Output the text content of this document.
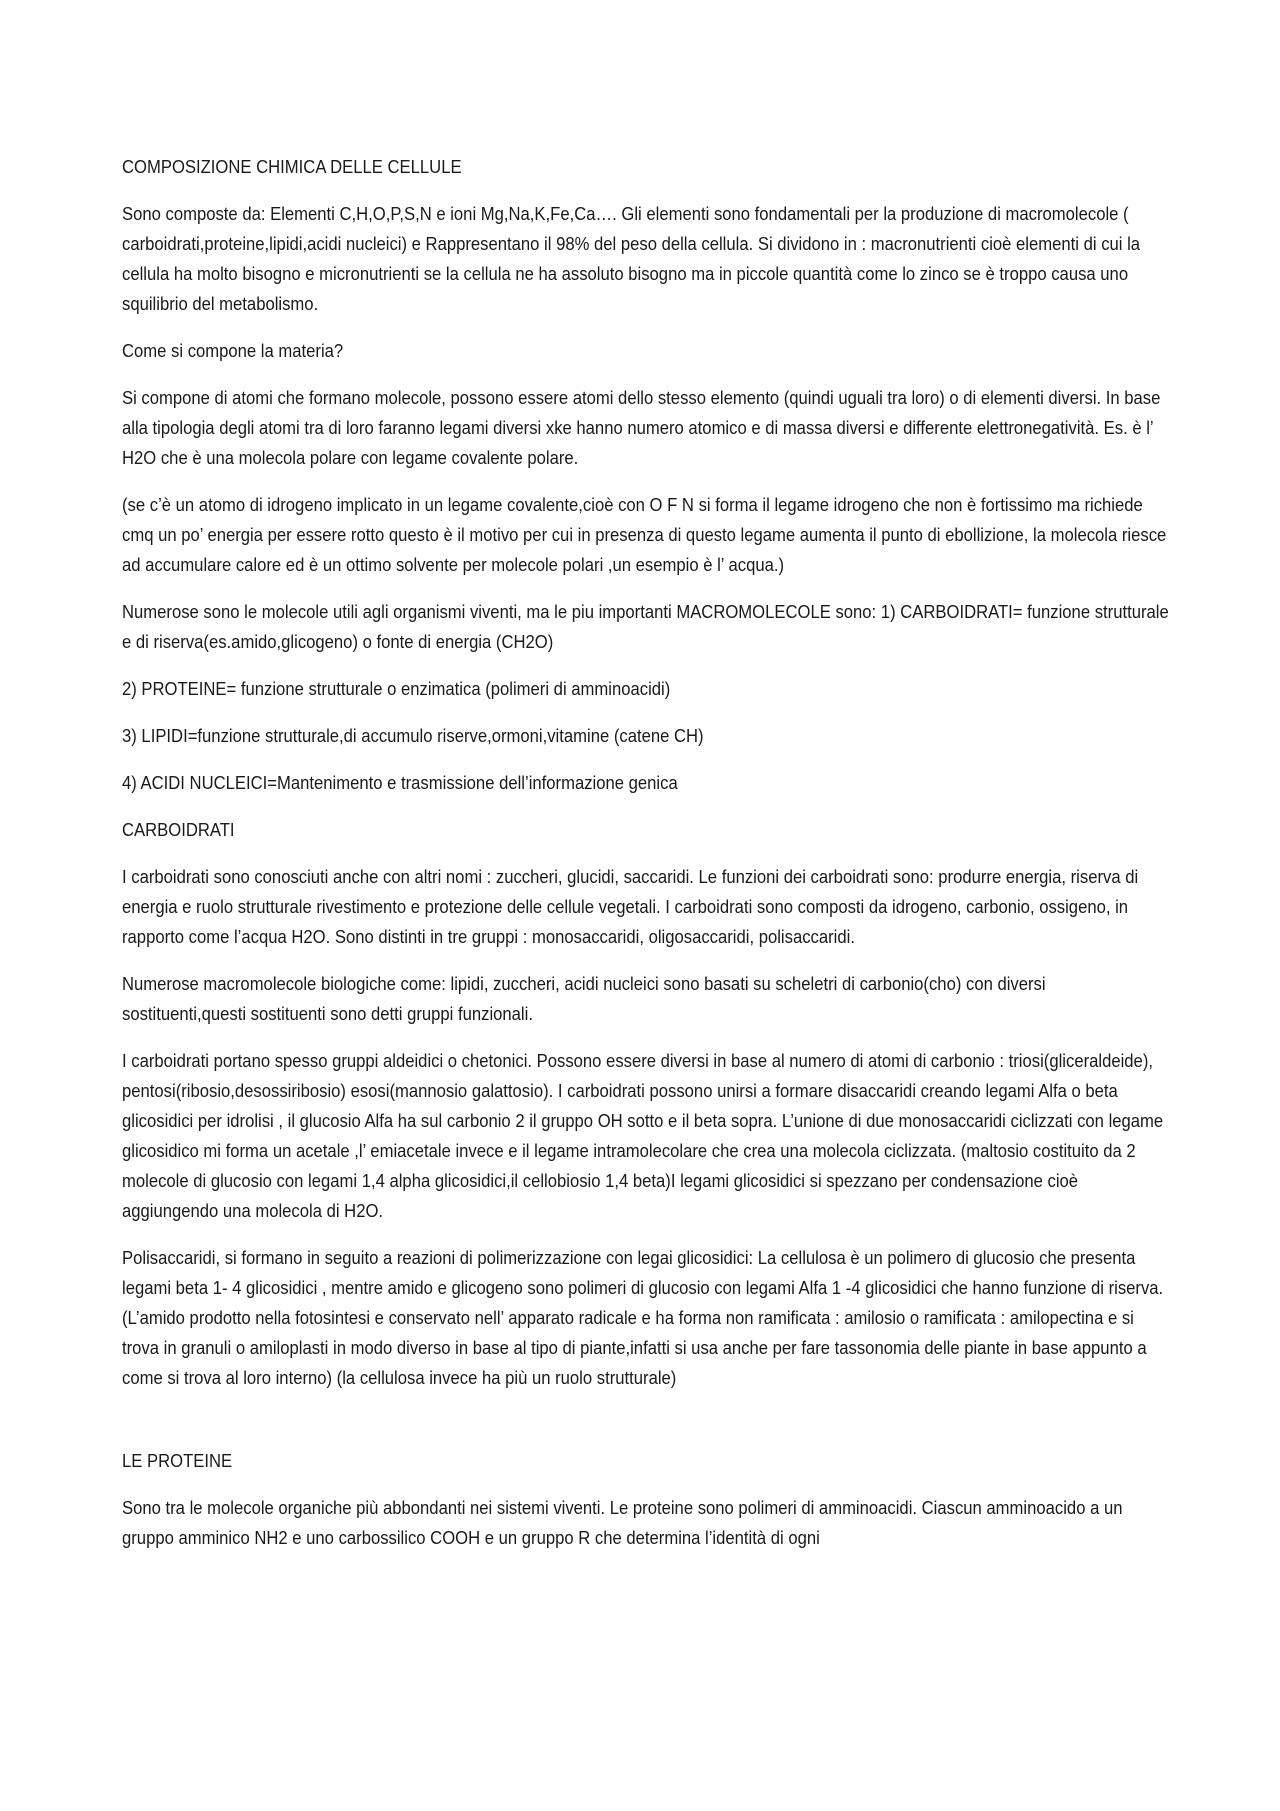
COMPOSIZIONE CHIMICA DELLE CELLULE

Sono composte da: Elementi C,H,O,P,S,N e ioni Mg,Na,K,Fe,Ca…. Gli elementi sono fondamentali per la produzione di macromolecole ( carboidrati,proteine,lipidi,acidi nucleici) e Rappresentano il 98% del peso della cellula. Si dividono in : macronutrienti cioè elementi di cui la cellula ha molto bisogno e micronutrienti se la cellula ne ha assoluto bisogno ma in piccole quantità come lo zinco se è troppo causa uno squilibrio del metabolismo.

Come si compone la materia?

Si compone di atomi che formano molecole, possono essere atomi dello stesso elemento (quindi uguali tra loro) o di elementi diversi. In base alla tipologia degli atomi tra di loro faranno legami diversi xke hanno numero atomico e di massa diversi e differente elettronegatività. Es. è l’ H2O che è una molecola polare con legame covalente polare.

(se c’è un atomo di idrogeno implicato in un legame covalente,cioè con O F N si forma il legame idrogeno che non è fortissimo ma richiede cmq un po’ energia per essere rotto questo è il motivo per cui in presenza di questo legame aumenta il punto di ebollizione, la molecola riesce ad accumulare calore ed è un ottimo solvente per molecole polari ,un esempio è l’ acqua.)

Numerose sono le molecole utili agli organismi viventi, ma le piu importanti MACROMOLECOLE sono: 1) CARBOIDRATI= funzione strutturale e di riserva(es.amido,glicogeno) o fonte di energia (CH2O)

2) PROTEINE= funzione strutturale o enzimatica (polimeri di amminoacidi)

3) LIPIDI=funzione strutturale,di accumulo riserve,ormoni,vitamine (catene CH)

4) ACIDI NUCLEICI=Mantenimento e trasmissione dell’informazione genica

CARBOIDRATI

I carboidrati sono conosciuti anche con altri nomi : zuccheri, glucidi, saccaridi. Le funzioni dei carboidrati sono: produrre energia, riserva di energia e ruolo strutturale rivestimento e protezione delle cellule vegetali. I carboidrati sono composti da idrogeno, carbonio, ossigeno, in rapporto come l’acqua H2O. Sono distinti in tre gruppi : monosaccaridi, oligosaccaridi, polisaccaridi.

Numerose macromolecole biologiche come: lipidi, zuccheri, acidi nucleici sono basati su scheletri di carbonio(cho) con diversi sostituenti,questi sostituenti sono detti gruppi funzionali.

I carboidrati portano spesso gruppi aldeidici o chetonici. Possono essere diversi in base al numero di atomi di carbonio : triosi(gliceraldeide), pentosi(ribosio,desossiribosio) esosi(mannosio galattosio). I carboidrati possono unirsi a formare disaccaridi creando legami Alfa o beta glicosidici per idrolisi , il glucosio Alfa ha sul carbonio 2 il gruppo OH sotto e il beta sopra. L’unione di due monosaccaridi ciclizzati con legame glicosidico mi forma un acetale ,l’ emiacetale invece e il legame intramolecolare che crea una molecola ciclizzata. (maltosio costituito da 2 molecole di glucosio con legami 1,4 alpha glicosidici,il cellobiosio 1,4 beta)I legami glicosidici si spezzano per condensazione cioè aggiungendo una molecola di H2O.

Polisaccaridi, si formano in seguito a reazioni di polimerizzazione con legai glicosidici: La cellulosa è un polimero di glucosio che presenta legami beta 1- 4 glicosidici , mentre amido e glicogeno sono polimeri di glucosio con legami Alfa 1 -4 glicosidici che hanno funzione di riserva. (L’amido prodotto nella fotosintesi e conservato nell’ apparato radicale e ha forma non ramificata : amilosio o ramificata : amilopectina e si trova in granuli o amiloplasti in modo diverso in base al tipo di piante,infatti si usa anche per fare tassonomia delle piante in base appunto a come si trova al loro interno) (la cellulosa invece ha più un ruolo strutturale)

LE PROTEINE

Sono tra le molecole organiche più abbondanti nei sistemi viventi. Le proteine sono polimeri di amminoacidi. Ciascun amminoacido a un gruppo amminico NH2 e uno carbossilico COOH e un gruppo R che determina l’identità di ogni
